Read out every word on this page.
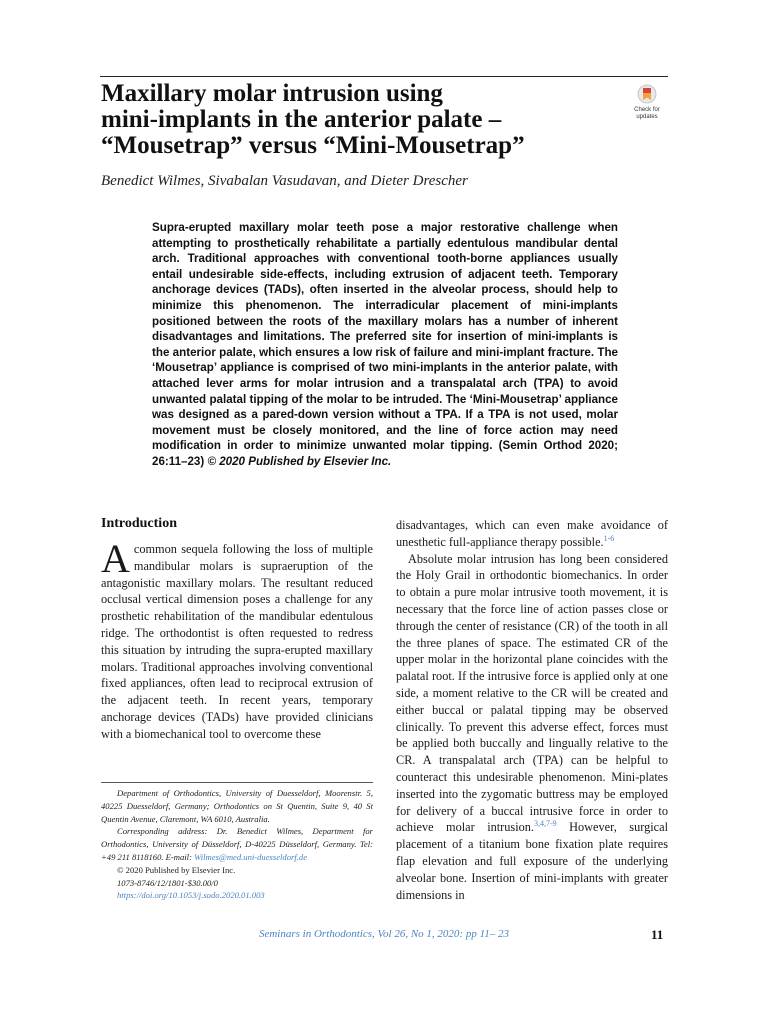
Maxillary molar intrusion using
mini-implants in the anterior palate –
“Mousetrap” versus “Mini-Mousetrap”
Check for
updates
Benedict Wilmes, Sivabalan Vasudavan, and Dieter Drescher

Supra-erupted maxillary molar teeth pose a major restorative challenge when attempting to prosthetically rehabilitate a partially edentulous mandibular dental arch. Traditional approaches with conventional tooth-borne appliances usually entail undesirable side-effects, including extrusion of adjacent teeth. Temporary anchorage devices (TADs), often inserted in the alveolar process, should help to minimize this phenomenon. The interradicular placement of mini-implants positioned between the roots of the maxillary molars has a number of inherent disadvantages and limitations. The preferred site for insertion of mini-implants is the anterior palate, which ensures a low risk of failure and mini-implant fracture. The ‘Mousetrap’ appliance is comprised of two mini-implants in the anterior palate, with attached lever arms for molar intrusion and a transpalatal arch (TPA) to avoid unwanted palatal tipping of the molar to be intruded. The ‘Mini-Mousetrap’ appliance was designed as a pared-down version without a TPA. If a TPA is not used, molar movement must be closely monitored, and the line of force action may need modification in order to minimize unwanted molar tipping. (Semin Orthod 2020; 26:11–23) © 2020 Published by Elsevier Inc.

Introduction

A common sequela following the loss of multiple mandibular molars is supraeruption of the antagonistic maxillary molars. The resultant reduced occlusal vertical dimension poses a challenge for any prosthetic rehabilitation of the mandibular edentulous ridge. The orthodontist is often requested to redress this situation by intruding the supra-erupted maxillary molars. Traditional approaches involving conventional fixed appliances, often lead to reciprocal extrusion of the adjacent teeth. In recent years, temporary anchorage devices (TADs) have provided clinicians with a biomechanical tool to overcome these

Department of Orthodontics, University of Duesseldorf, Moorenstr. 5, 40225 Duesseldorf, Germany; Orthodontics on St Quentin, Suite 9, 40 St Quentin Avenue, Claremont, WA 6010, Australia.

Corresponding address: Dr. Benedict Wilmes, Department for Orthodontics, University of Düsseldorf, D-40225 Düsseldorf, Germany. Tel: +49 211 8118160. E-mail: Wilmes@med.uni-duesseldorf.de

© 2020 Published by Elsevier Inc.

1073-8746/12/1801-$30.00/0

https://doi.org/10.1053/j.sodo.2020.01.003

disadvantages, which can even make avoidance of unesthetic full-appliance therapy possible.$^{1-6}$

Absolute molar intrusion has long been considered the Holy Grail in orthodontic biomechanics. In order to obtain a pure molar intrusive tooth movement, it is necessary that the force line of action passes close or through the center of resistance (CR) of the tooth in all the three planes of space. The estimated CR of the upper molar in the horizontal plane coincides with the palatal root. If the intrusive force is applied only at one side, a moment relative to the CR will be created and either buccal or palatal tipping may be observed clinically. To prevent this adverse effect, forces must be applied both buccally and lingually relative to the CR. A transpalatal arch (TPA) can be helpful to counteract this undesirable phenomenon. Mini-plates inserted into the zygomatic buttress may be employed for delivery of a buccal intrusive force in order to achieve molar intrusion.$^{3,4,7-9}$ However, surgical placement of a titanium bone fixation plate requires flap elevation and full exposure of the underlying alveolar bone. Insertion of mini-implants with greater dimensions in

Seminars in Orthodontics, Vol 26, No 1, 2020: pp 11– 23	11
